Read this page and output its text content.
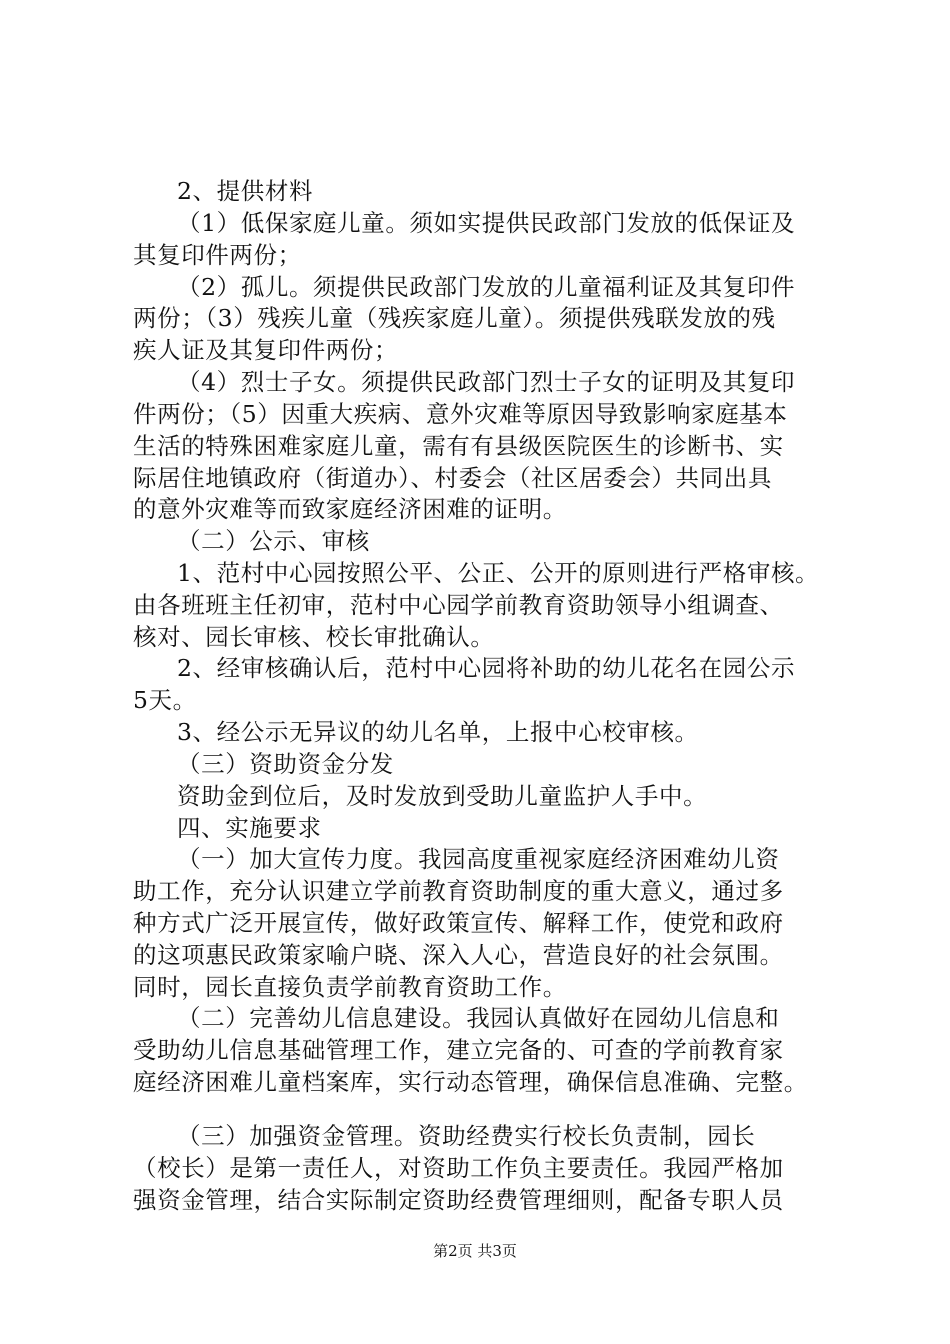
2、提供材料
（1）低保家庭儿童。须如实提供民政部门发放的低保证及
其复印件两份；
（2）孤儿。须提供民政部门发放的儿童福利证及其复印件
两份；（3）残疾儿童（残疾家庭儿童）。须提供残联发放的残
疾人证及其复印件两份；
（4）烈士子女。须提供民政部门烈士子女的证明及其复印
件两份；（5）因重大疾病、意外灾难等原因导致影响家庭基本
生活的特殊困难家庭儿童，需有有县级医院医生的诊断书、实
际居住地镇政府（街道办）、村委会（社区居委会）共同出具
的意外灾难等而致家庭经济困难的证明。
（二）公示、审核
1、范村中心园按照公平、公正、公开的原则进行严格审核。
由各班班主任初审，范村中心园学前教育资助领导小组调查、
核对、园长审核、校长审批确认。
2、经审核确认后，范村中心园将补助的幼儿花名在园公示
5天。
3、经公示无异议的幼儿名单，上报中心校审核。
（三）资助资金分发
资助金到位后，及时发放到受助儿童监护人手中。
四、实施要求
（一）加大宣传力度。我园高度重视家庭经济困难幼儿资
助工作，充分认识建立学前教育资助制度的重大意义，通过多
种方式广泛开展宣传，做好政策宣传、解释工作，使党和政府
的这项惠民政策家喻户晓、深入人心，营造良好的社会氛围。
同时，园长直接负责学前教育资助工作。
（二）完善幼儿信息建设。我园认真做好在园幼儿信息和
受助幼儿信息基础管理工作，建立完备的、可查的学前教育家
庭经济困难儿童档案库，实行动态管理，确保信息准确、完整。
（三）加强资金管理。资助经费实行校长负责制，园长
（校长）是第一责任人，对资助工作负主要责任。我园严格加
强资金管理，结合实际制定资助经费管理细则，配备专职人员
第2页 共3页
